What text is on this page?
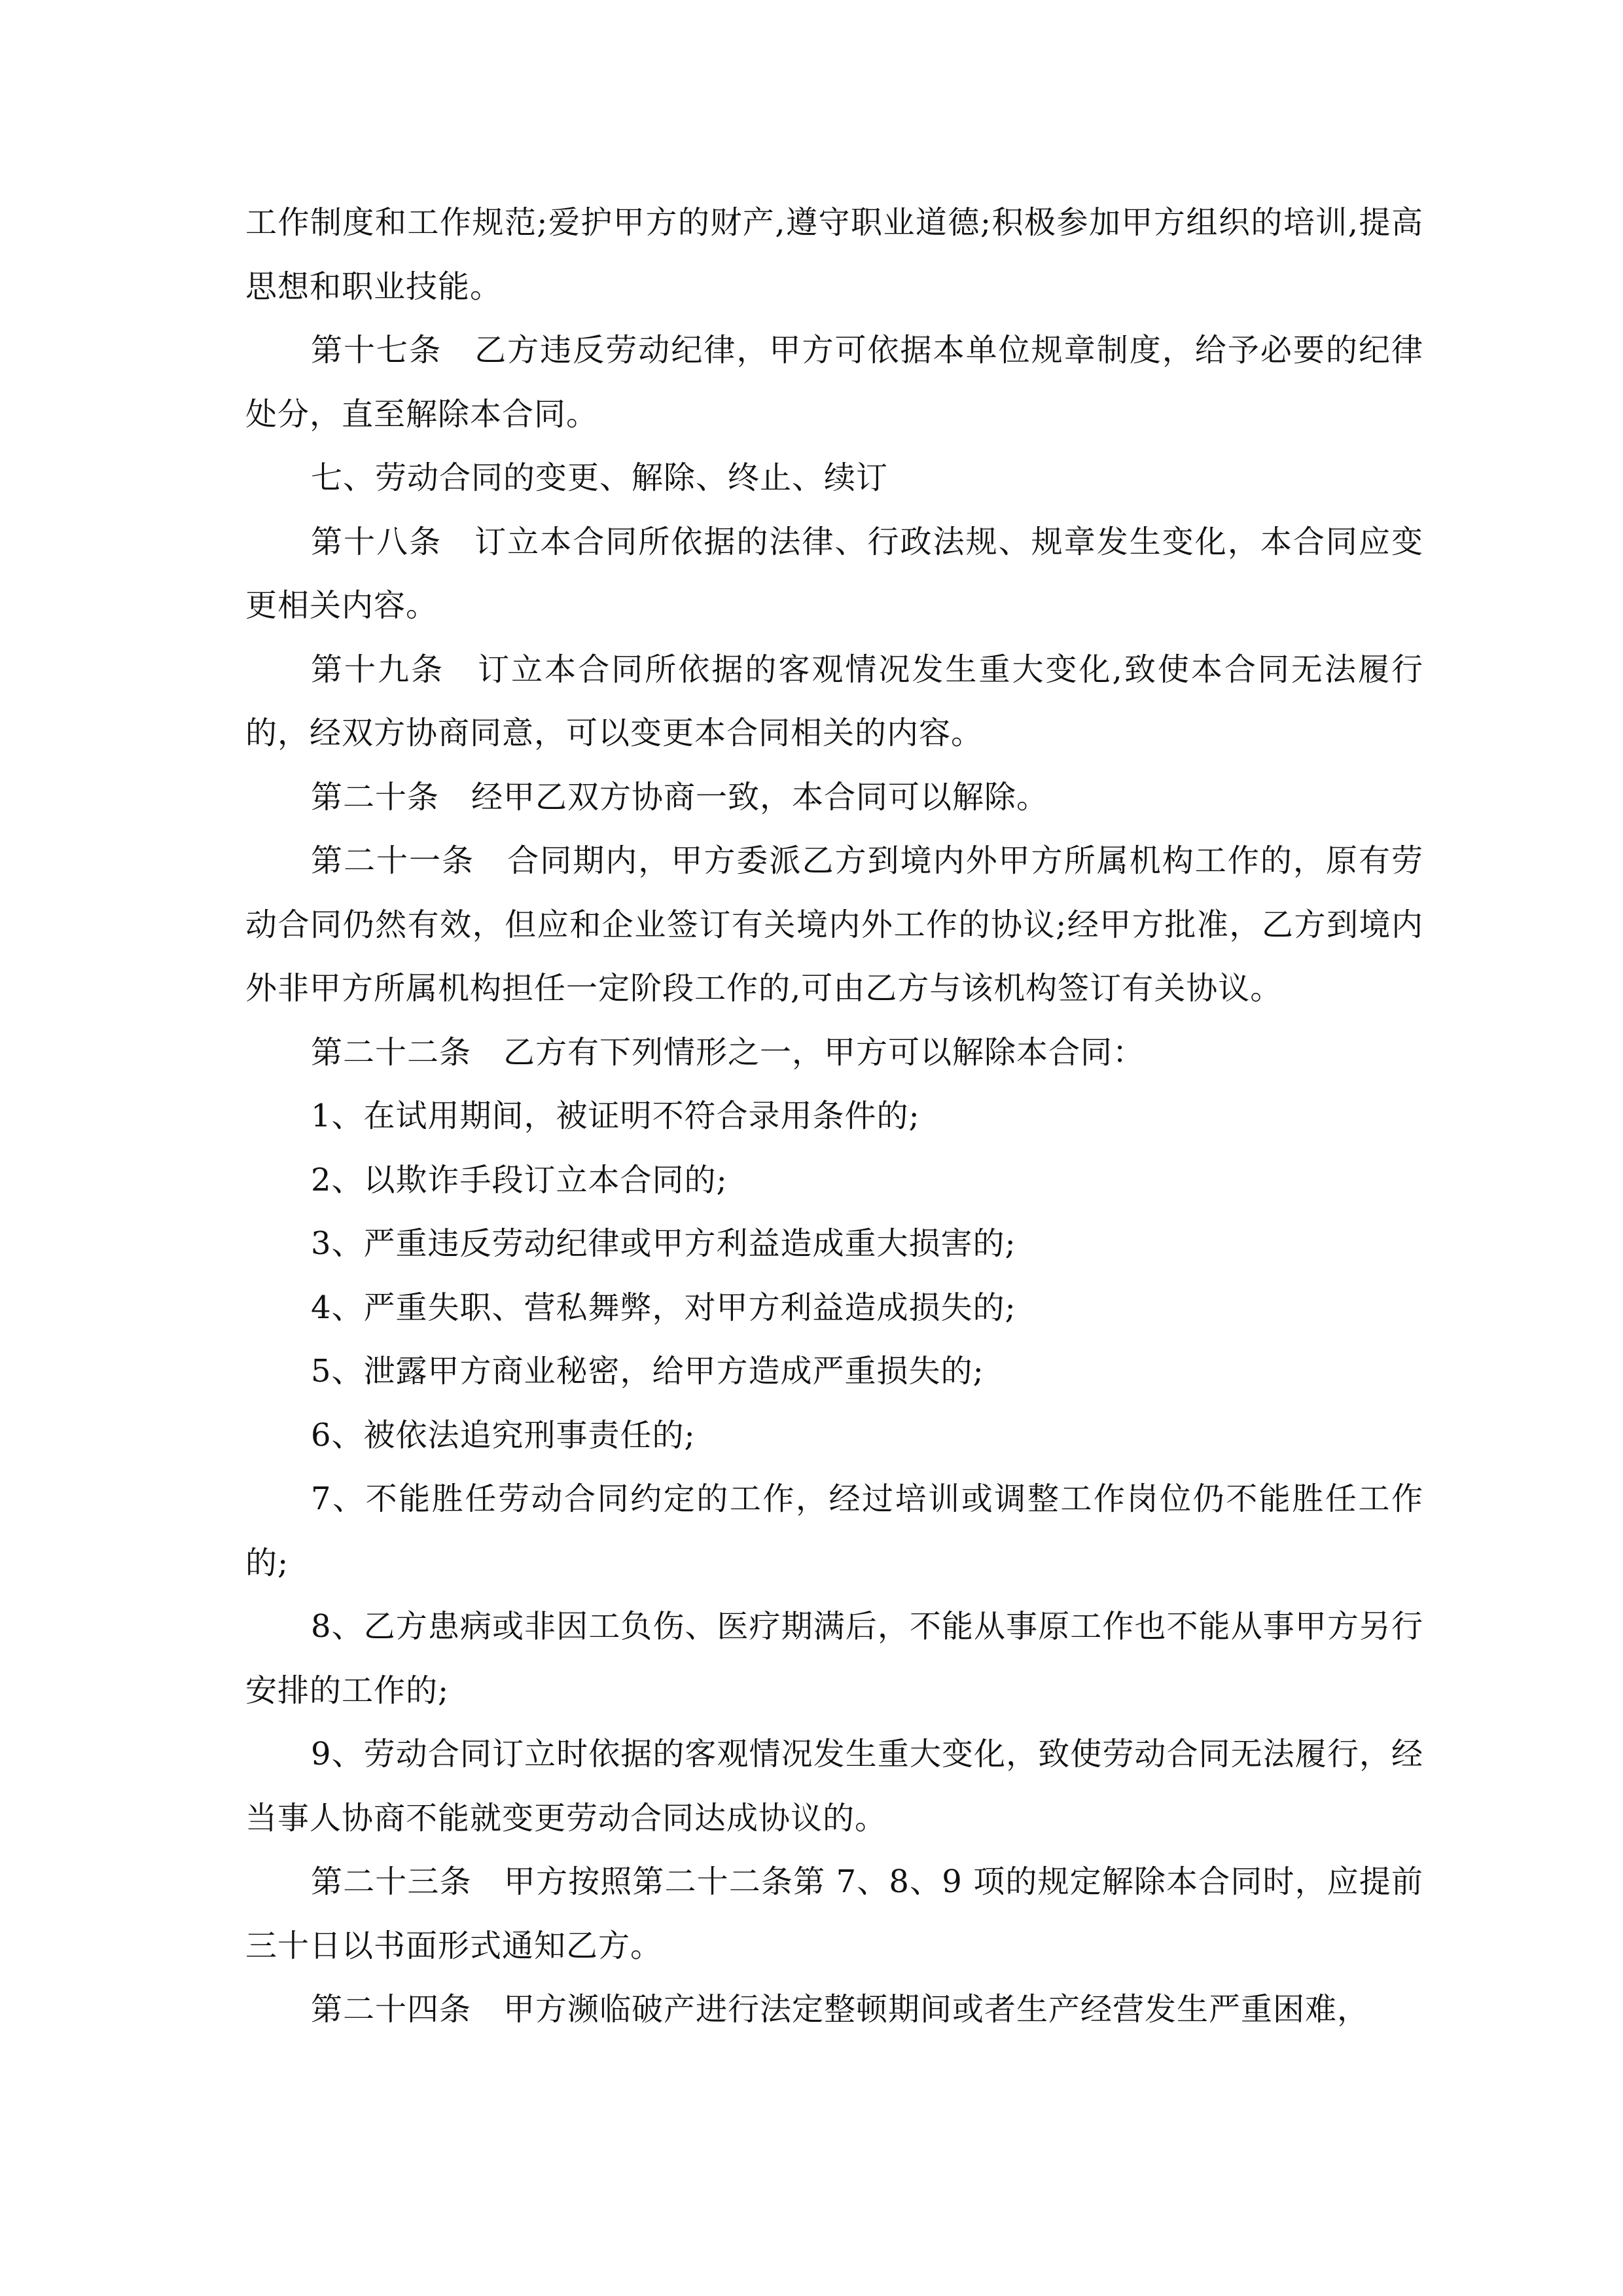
工作制度和工作规范;爱护甲方的财产,遵守职业道德;积极参加甲方组织的培训,提高思想和职业技能。

第十七条　乙方违反劳动纪律，甲方可依据本单位规章制度，给予必要的纪律处分，直至解除本合同。

七、劳动合同的变更、解除、终止、续订

第十八条　订立本合同所依据的法律、行政法规、规章发生变化，本合同应变更相关内容。

第十九条　订立本合同所依据的客观情况发生重大变化,致使本合同无法履行的，经双方协商同意，可以变更本合同相关的内容。

第二十条　经甲乙双方协商一致，本合同可以解除。

第二十一条　合同期内，甲方委派乙方到境内外甲方所属机构工作的，原有劳动合同仍然有效，但应和企业签订有关境内外工作的协议;经甲方批准，乙方到境内外非甲方所属机构担任一定阶段工作的,可由乙方与该机构签订有关协议。

第二十二条　乙方有下列情形之一，甲方可以解除本合同：

1、在试用期间，被证明不符合录用条件的;

2、以欺诈手段订立本合同的;

3、严重违反劳动纪律或甲方利益造成重大损害的;

4、严重失职、营私舞弊，对甲方利益造成损失的;

5、泄露甲方商业秘密，给甲方造成严重损失的;

6、被依法追究刑事责任的;

7、不能胜任劳动合同约定的工作，经过培训或调整工作岗位仍不能胜任工作的;

8、乙方患病或非因工负伤、医疗期满后，不能从事原工作也不能从事甲方另行安排的工作的;

9、劳动合同订立时依据的客观情况发生重大变化，致使劳动合同无法履行，经当事人协商不能就变更劳动合同达成协议的。

第二十三条　甲方按照第二十二条第 7、8、9 项的规定解除本合同时，应提前三十日以书面形式通知乙方。

第二十四条　甲方濒临破产进行法定整顿期间或者生产经营发生严重困难，
